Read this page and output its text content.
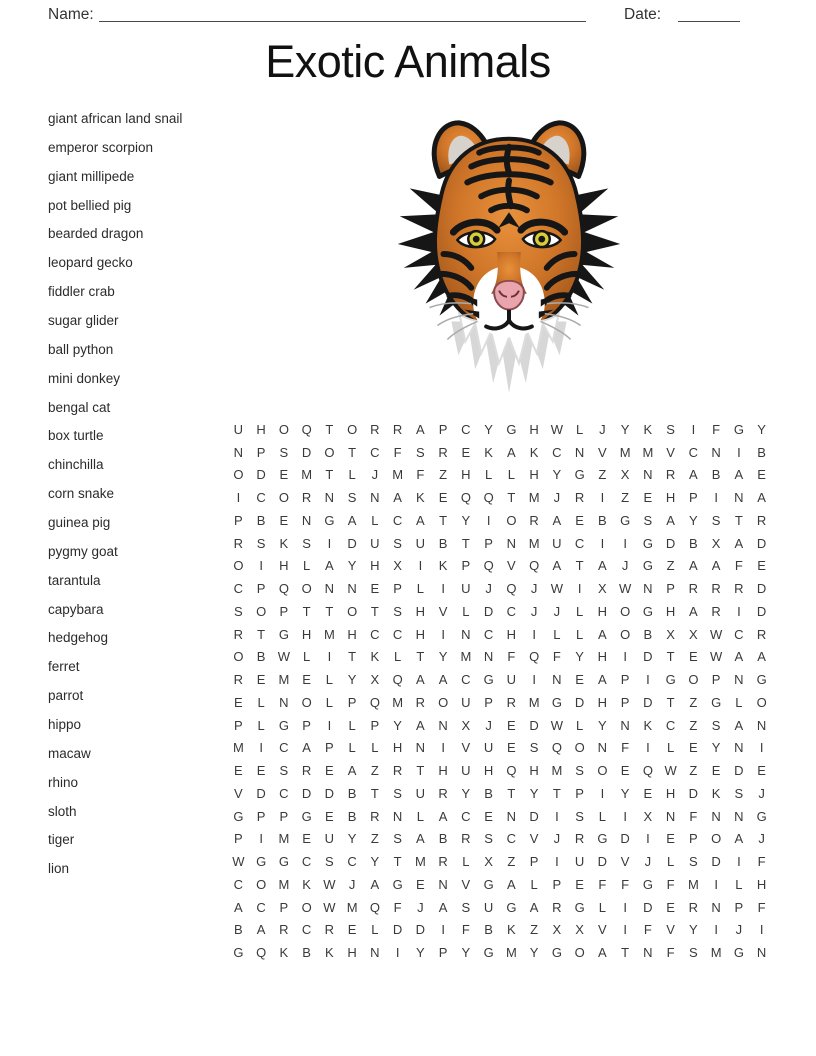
Name:	Date:
Exotic Animals
giant african land snail
emperor scorpion
giant millipede
pot bellied pig
bearded dragon
leopard gecko
fiddler crab
sugar glider
ball python
mini donkey
bengal cat
box turtle
chinchilla
corn snake
guinea pig
pygmy goat
tarantula
capybara
hedgehog
ferret
parrot
hippo
macaw
rhino
sloth
tiger
lion
U	H	O Q	T	O R	R	A	P	C	Y	G H W L	J	Y	K	S	I	F	G	Y
N	P	S	D	O	T	C	F	S	R	E	K	A	K	C	N	V	M M V	C	N	I	B
O D	E	M	T	L	J	M	F	Z	H	L	L	H	Y	G	Z	X	N	R	A	B	A	E
I	C	O R	N	S	N	A	K	E	Q Q	T	M	J	R	I	Z	E	H	P	I	N	A
P	B	E	N	G	A	L	C	A	T	Y	I	O R	A	E	B	G	S	A	Y	S	T	R
R	S	K	S	I	D	U	S	U	B	T	P	N M U	C	I	I	G D	B	X	A	D
O	I	H	L	A	Y	H	X	I	K	P	Q	V	Q	A	T	A	J	G	Z	A	A	F	E
C	P	Q O N	N	E	P	L	I	U	J	Q	J	W	I	X W N	P	R	R	R	D
S	O	P	T	T	O	T	S	H	V	L	D	C	J	J	L	H	O G H	A	R	I	D
R	T	G H M H	C	C	H	I	N	C	H	I	L	L	A	O	B	X	X W C	R
O	B W L	I	T	K	L	T	Y	M N	F	Q	F	Y	H	I	D	T	E W A	A
R	E	M E	L	Y	X	Q	A	A	C	G U	I	N	E	A	P	I	G O	P	N	G
E	L	N	O	L	P	Q M R	O U	P	R M G D	H	P	D	T	Z	G	L	O
P	L	G	P	I	L	P	Y	A	N	X	J	E	D W L	Y	N	K	C	Z	S	A	N
M	I	C	A	P	L	L	H	N	I	V	U	E	S	Q O N	F	I	L	E	Y	N	I
E	E	S	R	E	A	Z	R	T	H	U	H	Q H M S	O	E	Q W Z	E	D	E
V	D	C	D	D	B	T	S	U	R	Y	B	T	Y	T	P	I	Y	E	H	D	K	S	J
G	P	P	G	E	B	R	N	L	A	C	E	N	D	I	S	L	I	X	N	F	N	N	G
P	I	M E	U	Y	Z	S	A	B	R	S	C	V	J	R	G D	I	E	P	O	A	J
W G G C	S	C	Y	T	M R	L	X	Z	P	I	U	D	V	J	L	S	D	I	F
C	O M K W	J	A	G	E	N	V	G	A	L	P	E	F	F	G	F	M	I	L	H
A	C	P	O W M Q	F	J	A	S	U	G	A	R	G	L	I	D	E	R	N	P	F
B	A	R	C	R	E	L	D	D	I	F	B	K	Z	X	X	V	I	F	V	Y	I	J	I
G Q	K	B	K	H	N	I	Y	P	Y	G M Y	G O	A	T	N	F	S	M G N
